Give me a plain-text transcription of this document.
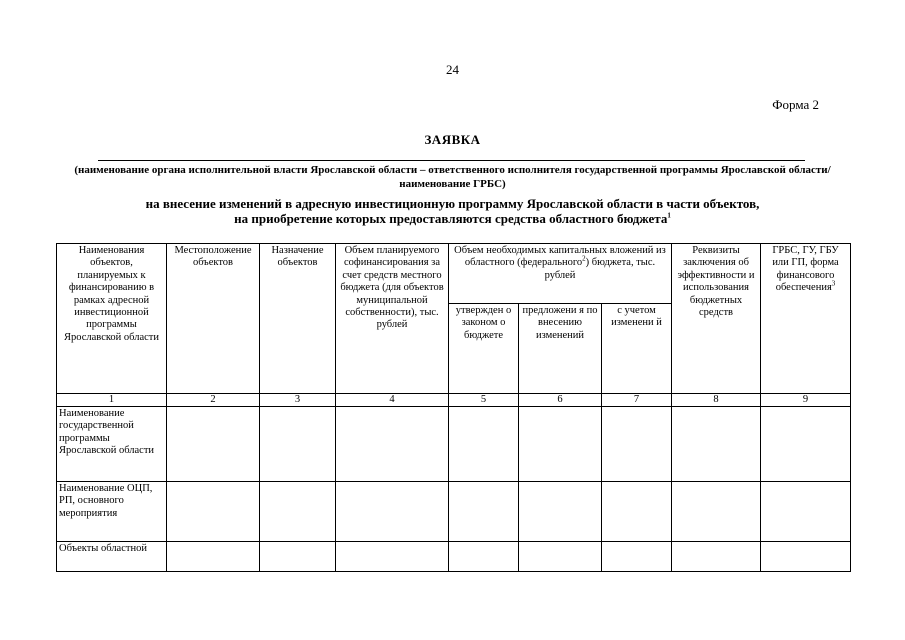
24
Форма 2
ЗАЯВКА
(наименование органа исполнительной власти Ярославской области – ответственного исполнителя государственной программы Ярославской области/ наименование ГРБС)
на внесение изменений в адресную инвестиционную программу Ярославской области в части объектов,
на приобретение которых предоставляются средства областного бюджета$^1$
Наименования объектов, планируемых к финансированию в рамках адресной инвестиционной программы Ярославской области	Местоположение объектов	Назначение объектов	Объем планируемого софинансирования за счет средств местного бюджета (для объектов муниципальной собственности), тыс. рублей	Объем необходимых капитальных вложений из областного (федерального$^2$) бюджета, тыс. рублей			Реквизиты заключения об эффективности и использования бюджетных средств	ГРБС, ГУ, ГБУ или ГП, форма финансового обеспечения$^3$
				утвержден о законом о бюджете	предложени я по внесению изменений	с учетом изменени й		
1	2	3	4	5	6	7	8	9
Наименование государственной программы Ярославской области								
Наименование ОЦП, РП, основного мероприятия								
Объекты областной								
